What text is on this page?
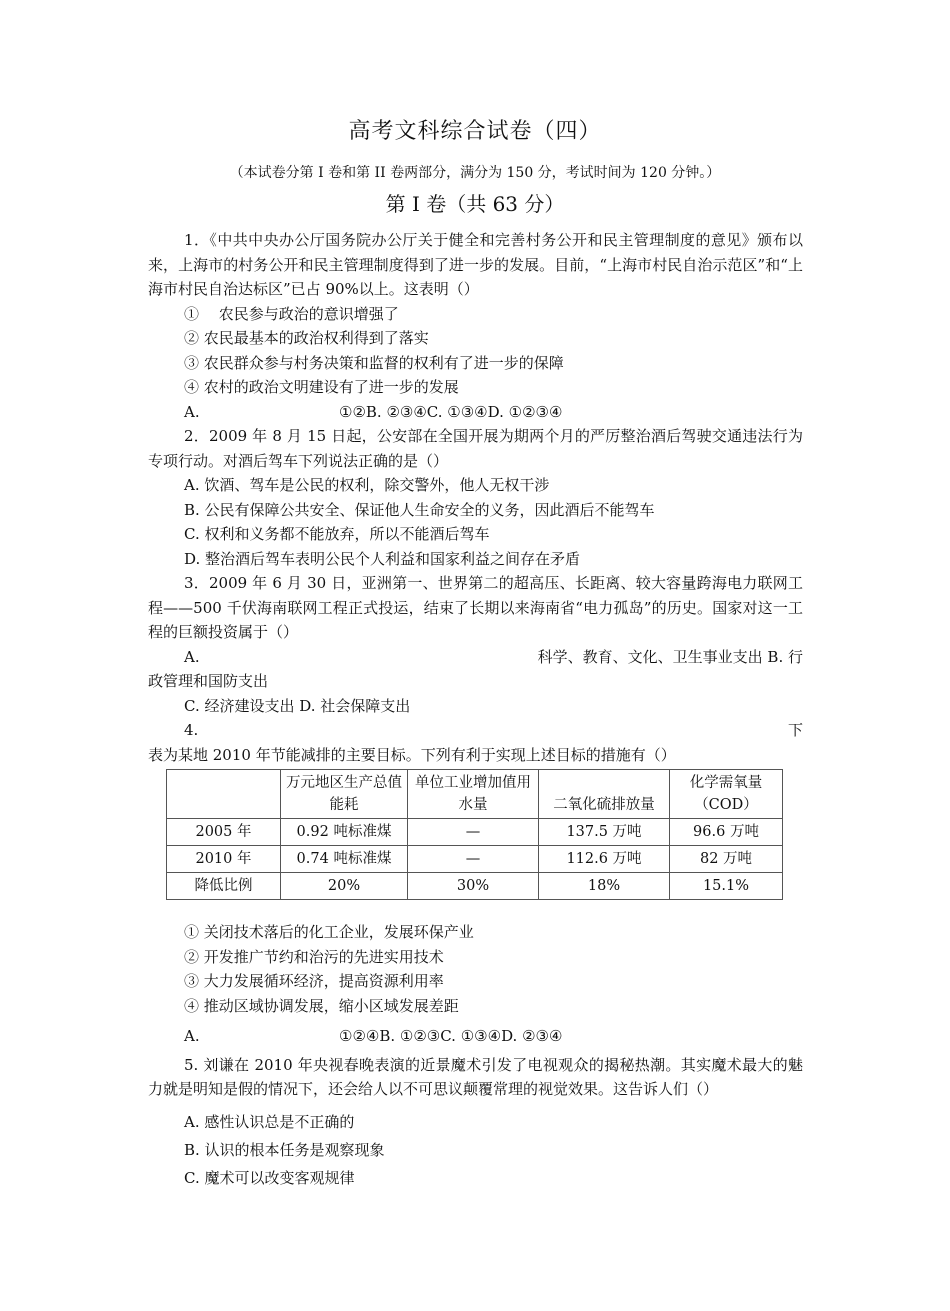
高考文科综合试卷（四）
（本试卷分第 I 卷和第 II 卷两部分，满分为 150 分，考试时间为 120 分钟。）
第 I 卷（共 63 分）

1．《中共中央办公厅国务院办公厅关于健全和完善村务公开和民主管理制度的意见》颁布以来，上海市的村务公开和民主管理制度得到了进一步的发展。目前，“上海市村民自治示范区”和“上海市村民自治达标区”已占 90%以上。这表明（）

①　 农民参与政治的意识增强了

② 农民最基本的政治权利得到了落实

③ 农民群众参与村务决策和监督的权利有了进一步的保障

④ 农村的政治文明建设有了进一步的发展

A.	①②B. ②③④C. ①③④D. ①②③④

2．2009 年 8 月 15 日起，公安部在全国开展为期两个月的严厉整治酒后驾驶交通违法行为专项行动。对酒后驾车下列说法正确的是（）

A. 饮酒、驾车是公民的权利，除交警外，他人无权干涉

B. 公民有保障公共安全、保证他人生命安全的义务，因此酒后不能驾车

C. 权利和义务都不能放弃，所以不能酒后驾车

D. 整治酒后驾车表明公民个人利益和国家利益之间存在矛盾

3．2009 年 6 月 30 日，亚洲第一、世界第二的超高压、长距离、较大容量跨海电力联网工程——500 千伏海南联网工程正式投运，结束了长期以来海南省“电力孤岛”的历史。国家对这一工程的巨额投资属于（）

A.	科学、教育、文化、卫生事业支出 B. 行

政管理和国防支出

C. 经济建设支出 D. 社会保障支出

4.	下

表为某地 2010 年节能减排的主要目标。下列有利于实现上述目标的措施有（）

	万元地区生产总值能耗	单位工业增加值用水量	二氧化硫排放量	化学需氧量（COD）
2005 年	0.92 吨标准煤	—	137.5 万吨	96.6 万吨
2010 年	0.74 吨标准煤	—	112.6 万吨	82 万吨
降低比例	20%	30%	18%	15.1%

① 关闭技术落后的化工企业，发展环保产业

② 开发推广节约和治污的先进实用技术

③ 大力发展循环经济，提高资源利用率

④ 推动区域协调发展，缩小区域发展差距

A.	①②④B. ①②③C. ①③④D. ②③④

5. 刘谦在 2010 年央视春晚表演的近景魔术引发了电视观众的揭秘热潮。其实魔术最大的魅力就是明知是假的情况下，还会给人以不可思议颠覆常理的视觉效果。这告诉人们（）

A. 感性认识总是不正确的

B. 认识的根本任务是观察现象

C. 魔术可以改变客观规律
